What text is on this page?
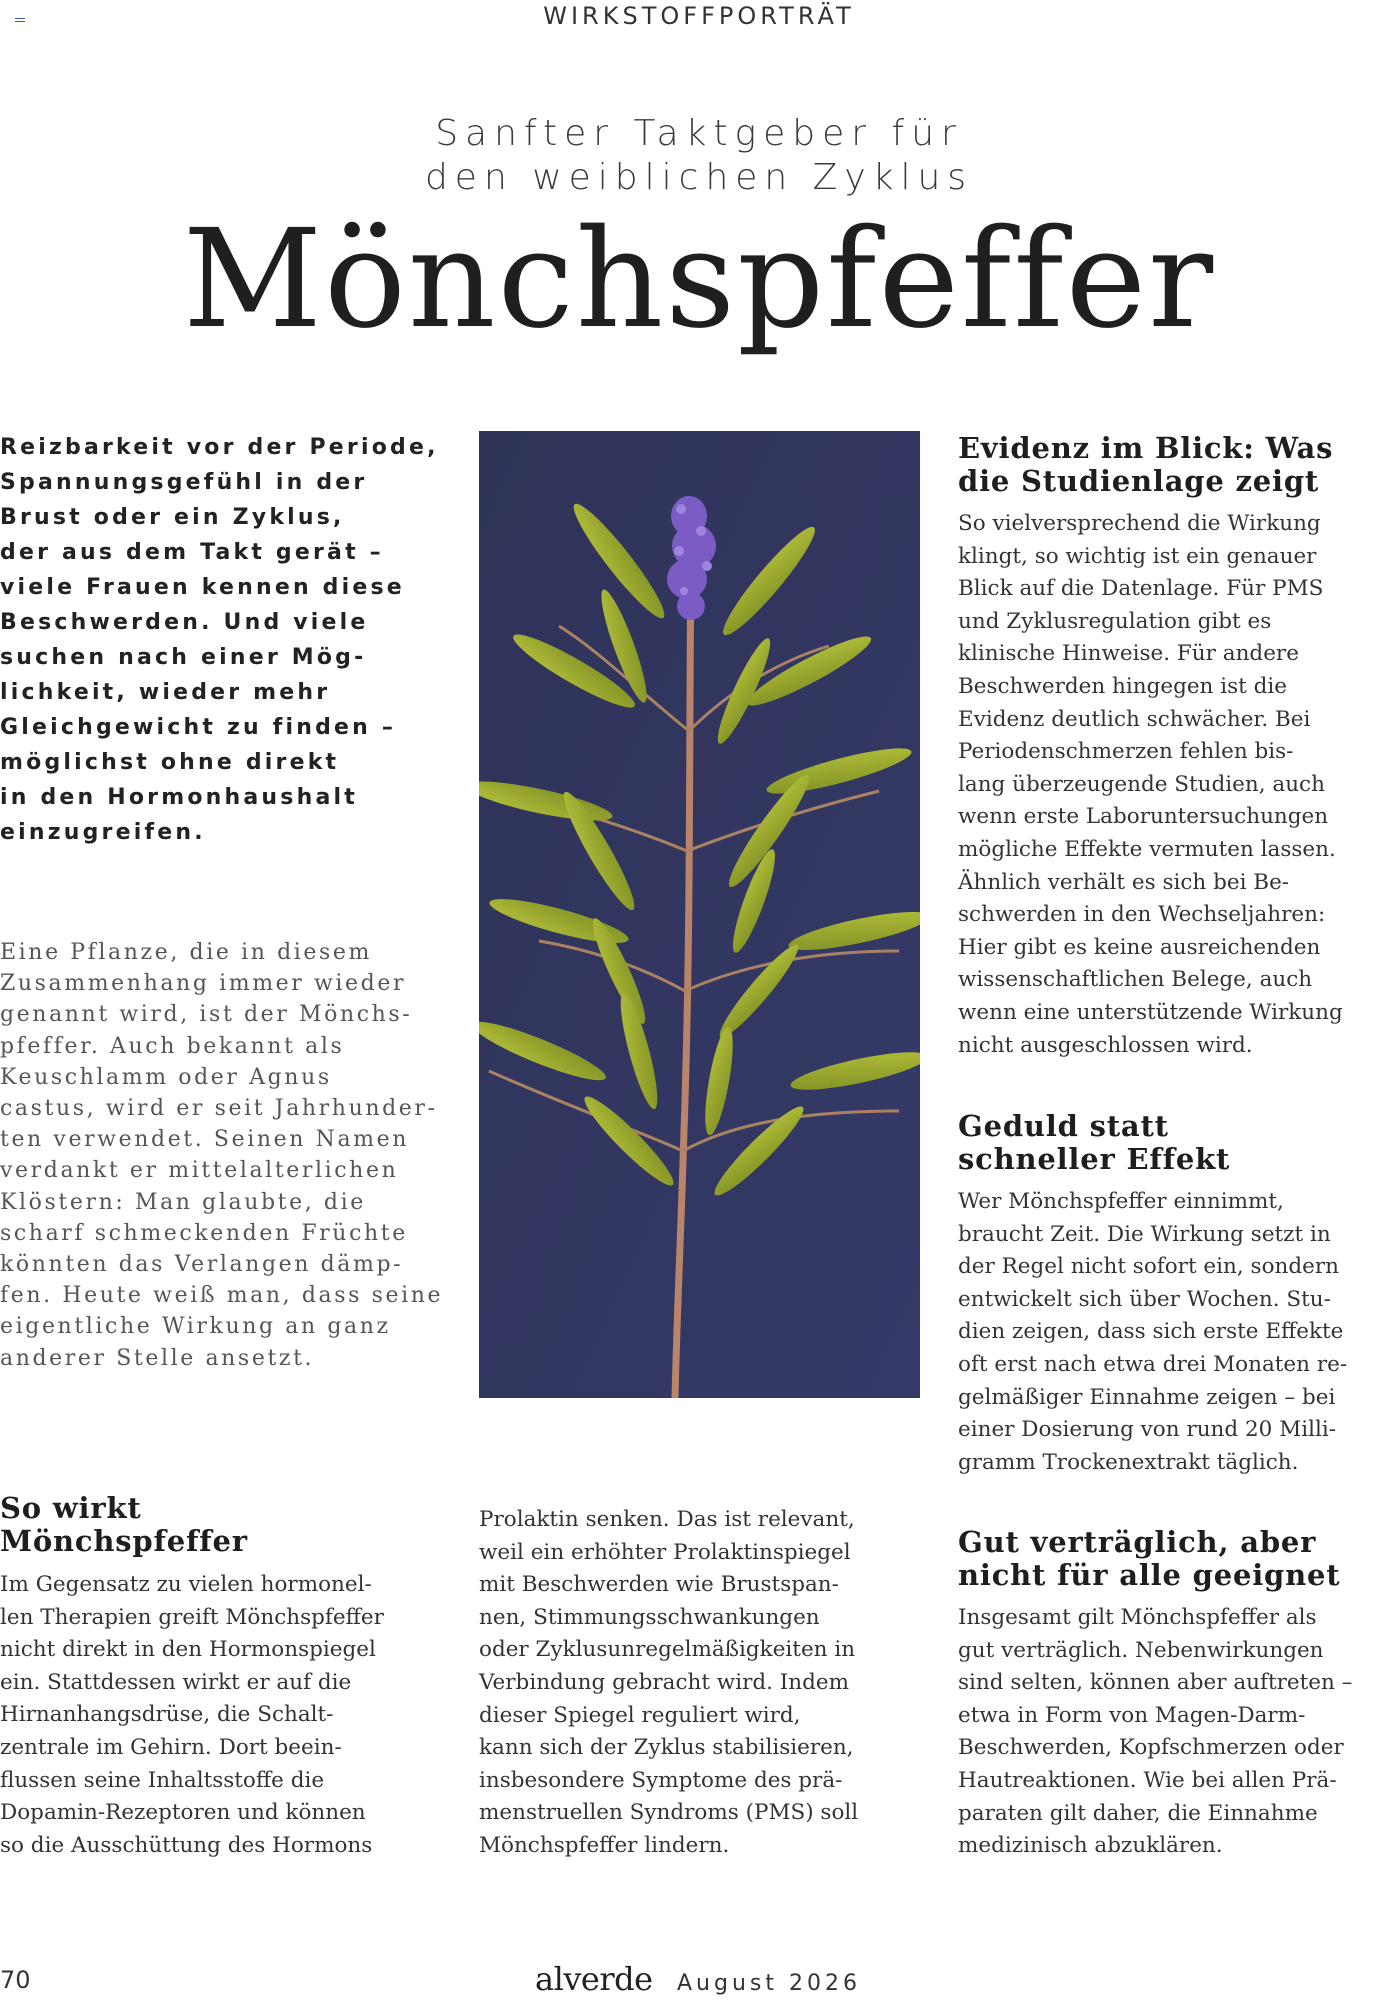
WIRKSTOFFPORTRÄT
Sanfter Taktgeber für
den weiblichen Zyklus
Mönchspfeffer
Reizbarkeit vor der Periode,
Spannungsgefühl in der
Brust oder ein Zyklus,
der aus dem Takt gerät –
viele Frauen kennen diese
Beschwerden. Und viele
suchen nach einer Mög-
lichkeit, wieder mehr
Gleichgewicht zu finden –
möglichst ohne direkt
in den Hormonhaushalt
einzugreifen.
Eine Pflanze, die in diesem
Zusammenhang immer wieder
genannt wird, ist der Mönchs-
pfeffer. Auch bekannt als
Keuschlamm oder Agnus
castus, wird er seit Jahrhunder-
ten verwendet. Seinen Namen
verdankt er mittelalterlichen
Klöstern: Man glaubte, die
scharf schmeckenden Früchte
könnten das Verlangen dämp-
fen. Heute weiß man, dass seine
eigentliche Wirkung an ganz
anderer Stelle ansetzt.
So wirkt
Mönchspfeffer
Im Gegensatz zu vielen hormonel-
len Therapien greift Mönchspfeffer
nicht direkt in den Hormonspiegel
ein. Stattdessen wirkt er auf die
Hirnanhangsdrüse, die Schalt-
zentrale im Gehirn. Dort beein-
flussen seine Inhaltsstoffe die
Dopamin-Rezeptoren und können
so die Ausschüttung des Hormons
Prolaktin senken. Das ist relevant,
weil ein erhöhter Prolaktinspiegel
mit Beschwerden wie Brustspan-
nen, Stimmungsschwankungen
oder Zyklusunregelmäßigkeiten in
Verbindung gebracht wird. Indem
dieser Spiegel reguliert wird,
kann sich der Zyklus stabilisieren,
insbesondere Symptome des prä-
menstruellen Syndroms (PMS) soll
Mönchspfeffer lindern.
Evidenz im Blick: Was
die Studienlage zeigt
So vielversprechend die Wirkung
klingt, so wichtig ist ein genauer
Blick auf die Datenlage. Für PMS
und Zyklusregulation gibt es
klinische Hinweise. Für andere
Beschwerden hingegen ist die
Evidenz deutlich schwächer. Bei
Periodenschmerzen fehlen bis-
lang überzeugende Studien, auch
wenn erste Laboruntersuchungen
mögliche Effekte vermuten lassen.
Ähnlich verhält es sich bei Be-
schwerden in den Wechseljahren:
Hier gibt es keine ausreichenden
wissenschaftlichen Belege, auch
wenn eine unterstützende Wirkung
nicht ausgeschlossen wird.
Geduld statt
schneller Effekt
Wer Mönchspfeffer einnimmt,
braucht Zeit. Die Wirkung setzt in
der Regel nicht sofort ein, sondern
entwickelt sich über Wochen. Stu-
dien zeigen, dass sich erste Effekte
oft erst nach etwa drei Monaten re-
gelmäßiger Einnahme zeigen – bei
einer Dosierung von rund 20 Milli-
gramm Trockenextrakt täglich.
Gut verträglich, aber
nicht für alle geeignet
Insgesamt gilt Mönchspfeffer als
gut verträglich. Nebenwirkungen
sind selten, können aber auftreten –
etwa in Form von Magen-Darm-
Beschwerden, Kopfschmerzen oder
Hautreaktionen. Wie bei allen Prä-
paraten gilt daher, die Einnahme
medizinisch abzuklären.
70	alverde August 2026
